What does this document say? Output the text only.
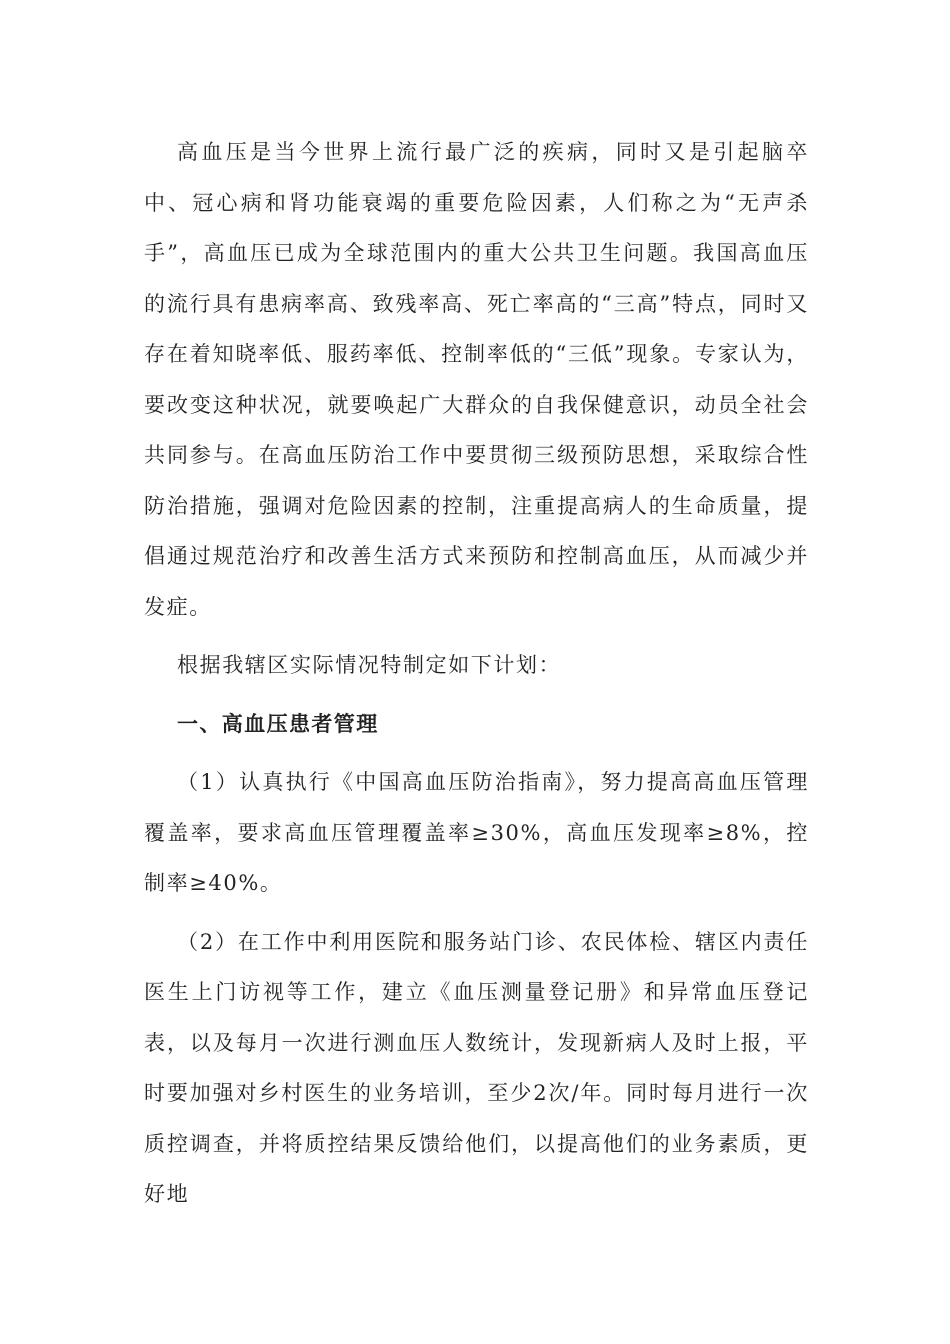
高血压是当今世界上流行最广泛的疾病，同时又是引起脑卒中、冠心病和肾功能衰竭的重要危险因素，人们称之为“无声杀手”，高血压已成为全球范围内的重大公共卫生问题。我国高血压的流行具有患病率高、致残率高、死亡率高的“三高”特点，同时又存在着知晓率低、服药率低、控制率低的“三低”现象。专家认为，要改变这种状况，就要唤起广大群众的自我保健意识，动员全社会共同参与。在高血压防治工作中要贯彻三级预防思想，采取综合性防治措施，强调对危险因素的控制，注重提高病人的生命质量，提倡通过规范治疗和改善生活方式来预防和控制高血压，从而减少并发症。

根据我辖区实际情况特制定如下计划：

一、高血压患者管理

（1）认真执行《中国高血压防治指南》，努力提高高血压管理覆盖率，要求高血压管理覆盖率≥30%，高血压发现率≥8%，控制率≥40%。

（2）在工作中利用医院和服务站门诊、农民体检、辖区内责任医生上门访视等工作，建立《血压测量登记册》和异常血压登记表，以及每月一次进行测血压人数统计，发现新病人及时上报，平时要加强对乡村医生的业务培训，至少2次/年。同时每月进行一次质控调查，并将质控结果反馈给他们，以提高他们的业务素质，更好地
